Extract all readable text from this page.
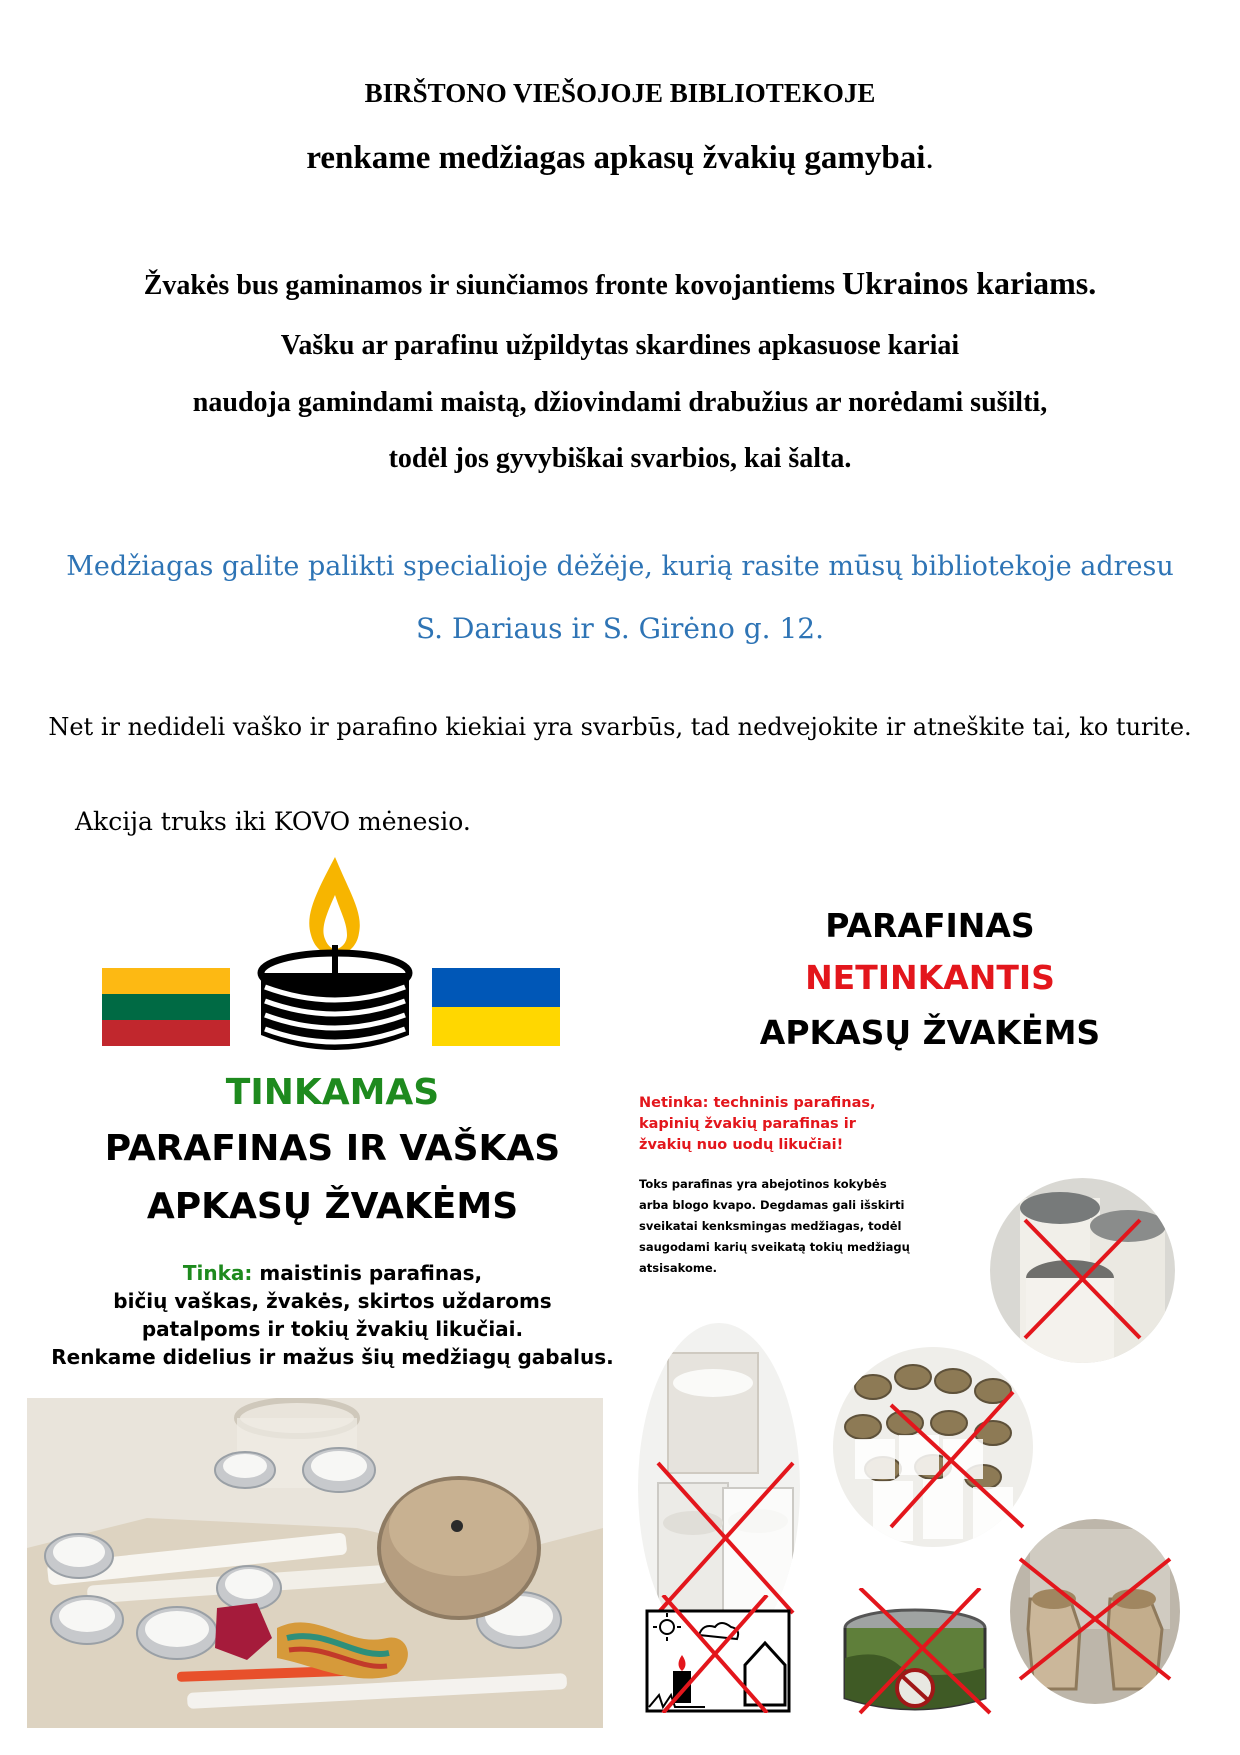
BIRŠTONO VIEŠOJOJE BIBLIOTEKOJE
renkame medžiagas apkasų žvakių gamybai.
Žvakės bus gaminamos ir siunčiamos fronte kovojantiems Ukrainos kariams.
Vašku ar parafinu užpildytas skardines apkasuose kariai
naudoja gamindami maistą, džiovindami drabužius ar norėdami sušilti,
todėl jos gyvybiškai svarbios, kai šalta.
Medžiagas galite palikti specialioje dėžėje, kurią rasite mūsų bibliotekoje adresu
S. Dariaus ir S. Girėno g. 12.
Net ir nedideli vaško ir parafino kiekiai yra svarbūs, tad nedvejokite ir atneškite tai, ko turite.
Akcija truks iki KOVO mėnesio.
TINKAMAS
PARAFINAS IR VAŠKAS
APKASŲ ŽVAKĖMS
Tinka: maistinis parafinas,
bičių vaškas, žvakės, skirtos uždaroms
patalpoms ir tokių žvakių likučiai.
Renkame didelius ir mažus šių medžiagų gabalus.
PARAFINAS
NETINKANTIS
APKASŲ ŽVAKĖMS
Netinka: techninis parafinas,
kapinių žvakių parafinas ir
žvakių nuo uodų likučiai!
Toks parafinas yra abejotinos kokybės
arba blogo kvapo. Degdamas gali išskirti
sveikatai kenksmingas medžiagas, todėl
saugodami karių sveikatą tokių medžiagų
atsisakome.
